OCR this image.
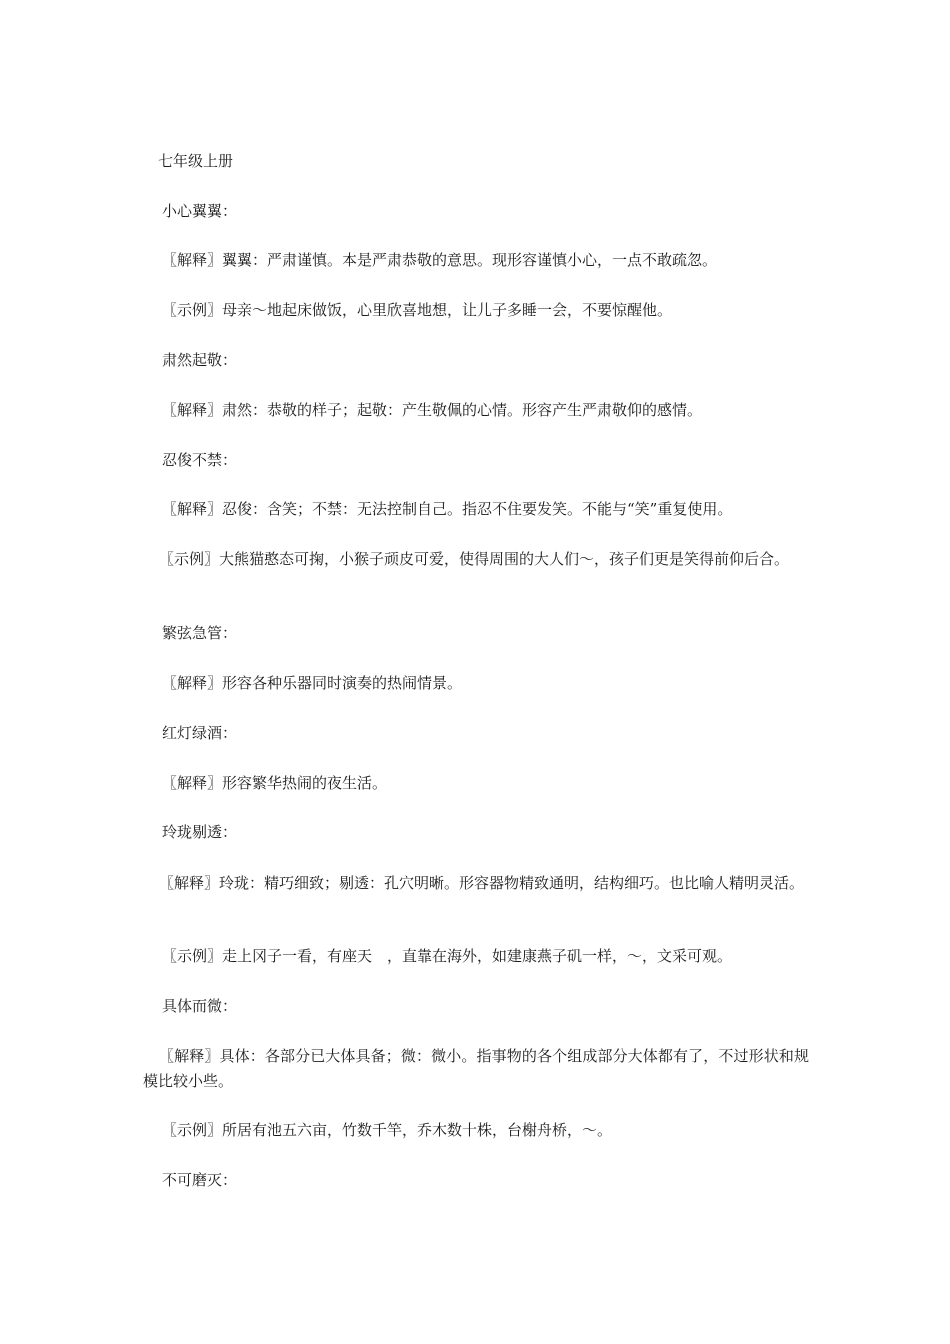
七年级上册
小心翼翼：
〖解释〗翼翼：严肃谨慎。本是严肃恭敬的意思。现形容谨慎小心，一点不敢疏忽。
〖示例〗母亲～地起床做饭，心里欣喜地想，让儿子多睡一会，不要惊醒他。
肃然起敬：
〖解释〗肃然：恭敬的样子；起敬：产生敬佩的心情。形容产生严肃敬仰的感情。
忍俊不禁：
〖解释〗忍俊：含笑；不禁：无法控制自己。指忍不住要发笑。不能与“笑”重复使用。
〖示例〗大熊猫憨态可掬，小猴子顽皮可爱，使得周围的大人们～，孩子们更是笑得前仰后合。
繁弦急管：
〖解释〗形容各种乐器同时演奏的热闹情景。
红灯绿酒：
〖解释〗形容繁华热闹的夜生活。
玲珑剔透：
〖解释〗玲珑：精巧细致；剔透：孔穴明晰。形容器物精致通明，结构细巧。也比喻人精明灵活。
〖示例〗走上冈子一看，有座天　，直靠在海外，如建康燕子矶一样，～，文采可观。
具体而微：
〖解释〗具体：各部分已大体具备；微：微小。指事物的各个组成部分大体都有了，不过形状和规模比较小些。
〖示例〗所居有池五六亩，竹数千竿，乔木数十株，台榭舟桥，～。
不可磨灭：
